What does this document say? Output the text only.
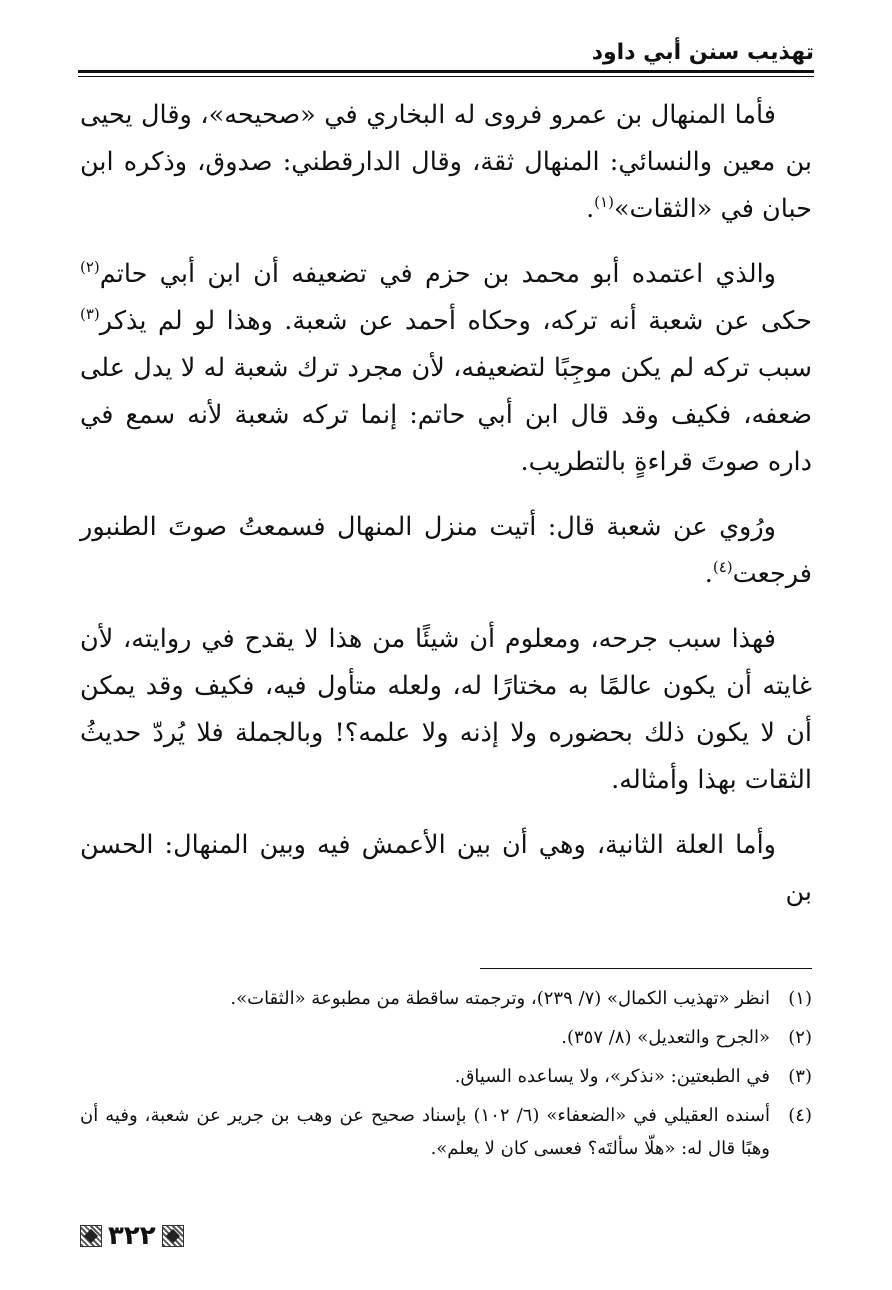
تهذيب سنن أبي داود

فأما المنهال بن عمرو فروى له البخاري في «صحيحه»، وقال يحيى بن معين والنسائي: المنهال ثقة، وقال الدارقطني: صدوق، وذكره ابن حبان في «الثقات»$^{(١)}$.

والذي اعتمده أبو محمد بن حزم في تضعيفه أن ابن أبي حاتم$^{(٢)}$ حكى عن شعبة أنه تركه، وحكاه أحمد عن شعبة. وهذا لو لم يذكر$^{(٣)}$ سبب تركه لم يكن موجِبًا لتضعيفه، لأن مجرد ترك شعبة له لا يدل على ضعفه، فكيف وقد قال ابن أبي حاتم: إنما تركه شعبة لأنه سمع في داره صوتَ قراءةٍ بالتطريب.

ورُوي عن شعبة قال: أتيت منزل المنهال فسمعتُ صوتَ الطنبور فرجعت$^{(٤)}$.

فهذا سبب جرحه، ومعلوم أن شيئًا من هذا لا يقدح في روايته، لأن غايته أن يكون عالمًا به مختارًا له، ولعله متأول فيه، فكيف وقد يمكن أن لا يكون ذلك بحضوره ولا إذنه ولا علمه؟! وبالجملة فلا يُردّ حديثُ الثقات بهذا وأمثاله.

وأما العلة الثانية، وهي أن بين الأعمش فيه وبين المنهال: الحسن بن

(١)
انظر «تهذيب الكمال» (٧/ ٢٣٩)، وترجمته ساقطة من مطبوعة «الثقات».
(٢)
«الجرح والتعديل» (٨/ ٣٥٧).
(٣)
في الطبعتين: «نذكر»، ولا يساعده السياق.
(٤)
أسنده العقيلي في «الضعفاء» (٦/ ١٠٢) بإسناد صحيح عن وهب بن جرير عن شعبة، وفيه أن وهبًا قال له: «هلّا سألتَه؟ فعسى كان لا يعلم».
٣٢٢
